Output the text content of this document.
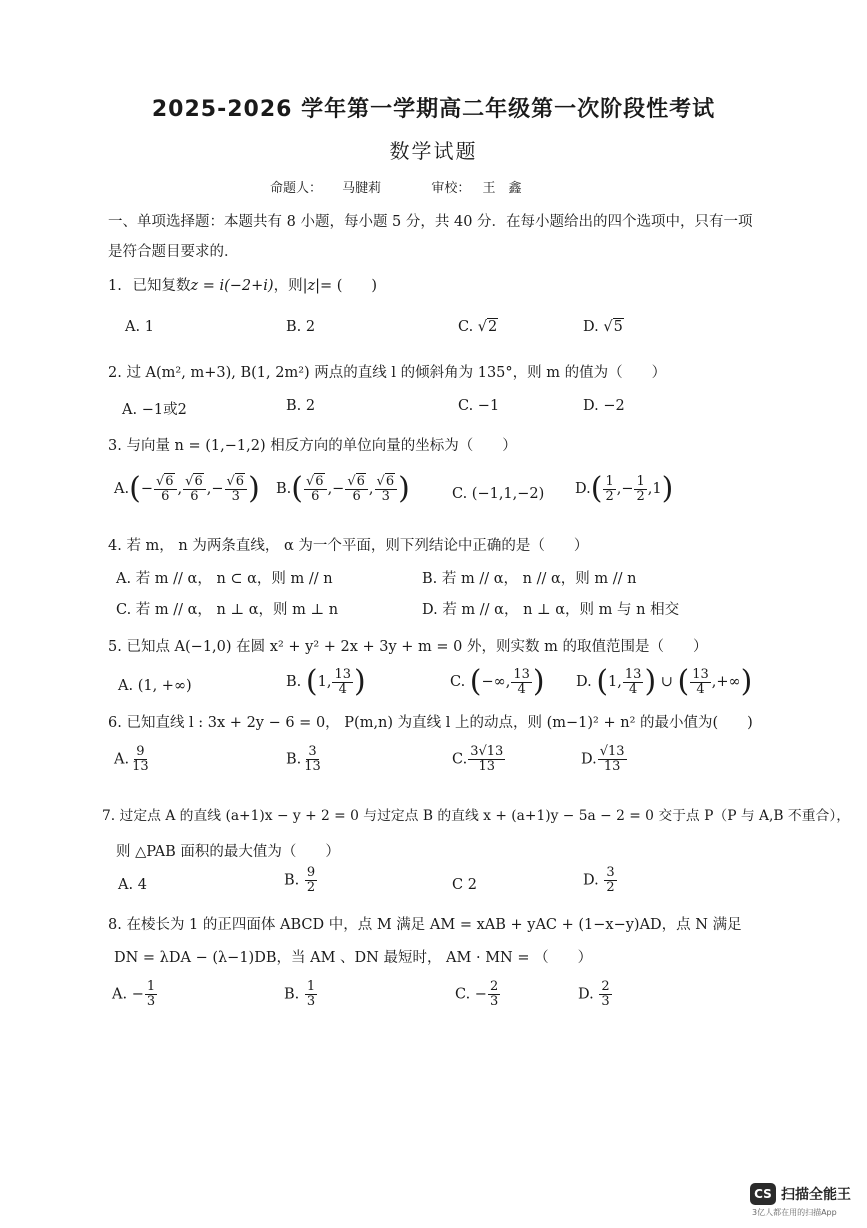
2025-2026 学年第一学期高二年级第一次阶段性考试
数学试题
命题人： 马腱莉	审校： 王　鑫
一、单项选择题：本题共有 8 小题，每小题 5 分，共 40 分．在每小题给出的四个选项中，只有一项是符合题目要求的．
1. 已知复数z = i(−2+i)，则|z|= (　　)
A. 1	B. 2	C. √2	D. √5
2. 过 A(m², m+3), B(1, 2m²) 两点的直线 l 的倾斜角为 135°，则 m 的值为（　　）
A. −1或2	B. 2	C. −1	D. −2
3. 与向量 n = (1,−1,2) 相反方向的单位向量的坐标为（　　）
A. ( − $\frac{√6}{6}$ , $\frac{√6}{6}$ ,− $\frac{√6}{3}$ ) B. ( $\frac{√6}{6}$ ,− $\frac{√6}{6}$ , $\frac{√6}{3}$ )	C. (−1,1,−2) D. ( $\frac{1}{2}$ ,− $\frac{1}{2}$ , 1 )
4. 若 m， n 为两条直线， α 为一个平面，则下列结论中正确的是（　　）
A. 若 m // α， n ⊂ α，则 m // n	B. 若 m // α， n // α，则 m // n
C. 若 m // α， n ⊥ α，则 m ⊥ n	D. 若 m // α， n ⊥ α，则 m 与 n 相交
5. 已知点 A(−1,0) 在圆 x² + y² + 2x + 3y + m = 0 外，则实数 m 的取值范围是（　　）
A. (1, +∞)	B.
( 1, $\frac{13}{4}$ )	C.
( −∞, $\frac{13}{4}$ ) D.
( 1, $\frac{13}{4}$ )
∪
( $\frac{13}{4}$ ,+∞ )
6. 已知直线 l : 3x + 2y − 6 = 0， P(m,n) 为直线 l 上的动点，则 (m−1)² + n² 的最小值为(　　)
A. $\frac{9}{13}$	B. $\frac{3}{13}$	C. $\frac{3√13}{13}$	D. $\frac{√13}{13}$
7. 过定点 A 的直线 (a+1)x − y + 2 = 0 与过定点 B 的直线 x + (a+1)y − 5a − 2 = 0 交于点 P（P 与 A,B 不重合），
则 △PAB 面积的最大值为（　　）
A. 4	B. $\frac{9}{2}$	C 2	D. $\frac{3}{2}$
8. 在棱长为 1 的正四面体 ABCD 中，点 M 满足 AM = xAB + yAC + (1−x−y)AD，点 N 满足
DN = λDA − (λ−1)DB，当 AM 、DN 最短时， AM · MN = （　　）
A. − $\frac{1}{3}$	B. $\frac{1}{3}$	C. − $\frac{2}{3}$	D. $\frac{2}{3}$
CS 扫描全能王
3亿人都在用的扫描App
